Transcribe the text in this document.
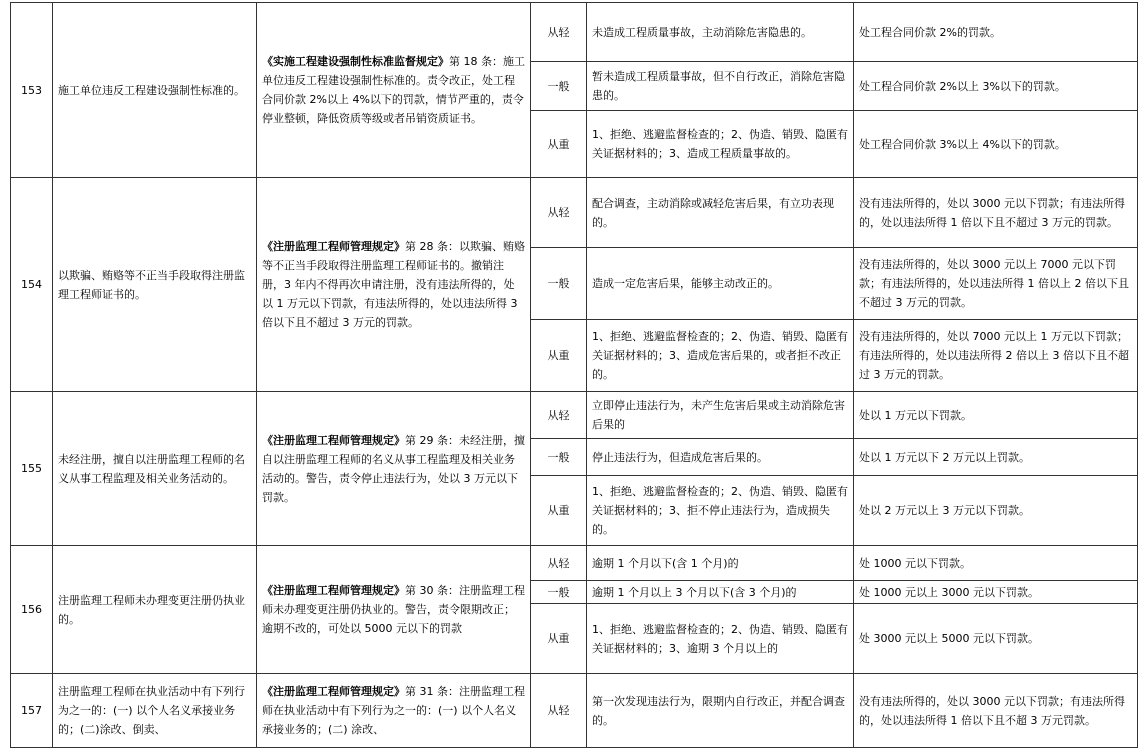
153	施工单位违反工程建设强制性标准的。	《实施工程建设强制性标准监督规定》第 18 条：施工单位违反工程建设强制性标准的。责令改正，处工程合同价款 2%以上 4%以下的罚款，情节严重的，责令停业整顿，降低资质等级或者吊销资质证书。	从轻	未造成工程质量事故，主动消除危害隐患的。	处工程合同价款 2%的罚款。
			一般	暂未造成工程质量事故，但不自行改正，消除危害隐患的。	处工程合同价款 2%以上 3%以下的罚款。
			从重	1、拒绝、逃避监督检查的；2、伪造、销毁、隐匿有关证据材料的；3、造成工程质量事故的。	处工程合同价款 3%以上 4%以下的罚款。
154	以欺骗、贿赂等不正当手段取得注册监理工程师证书的。	《注册监理工程师管理规定》第 28 条：以欺骗、贿赂等不正当手段取得注册监理工程师证书的。撤销注册，3 年内不得再次申请注册，没有违法所得的，处以 1 万元以下罚款，有违法所得的，处以违法所得 3 倍以下且不超过 3 万元的罚款。	从轻	配合调查，主动消除或减轻危害后果，有立功表现的。	没有违法所得的，处以 3000 元以下罚款；有违法所得的，处以违法所得 1 倍以下且不超过 3 万元的罚款。
			一般	造成一定危害后果，能够主动改正的。	没有违法所得的，处以 3000 元以上 7000 元以下罚款；有违法所得的，处以违法所得 1 倍以上 2 倍以下且不超过 3 万元的罚款。
			从重	1、拒绝、逃避监督检查的；2、伪造、销毁、隐匿有关证据材料的；3、造成危害后果的，或者拒不改正的。	没有违法所得的，处以 7000 元以上 1 万元以下罚款；有违法所得的，处以违法所得 2 倍以上 3 倍以下且不超过 3 万元的罚款。
155	未经注册，擅自以注册监理工程师的名义从事工程监理及相关业务活动的。	《注册监理工程师管理规定》第 29 条：未经注册，擅自以注册监理工程师的名义从事工程监理及相关业务活动的。警告，责令停止违法行为，处以 3 万元以下罚款。	从轻	立即停止违法行为，未产生危害后果或主动消除危害后果的	处以 1 万元以下罚款。
			一般	停止违法行为，但造成危害后果的。	处以 1 万元以下 2 万元以上罚款。
			从重	1、拒绝、逃避监督检查的；2、伪造、销毁、隐匿有关证据材料的；3、拒不停止违法行为，造成损失的。	处以 2 万元以上 3 万元以下罚款。
156	注册监理工程师未办理变更注册仍执业的。	《注册监理工程师管理规定》第 30 条：注册监理工程师未办理变更注册仍执业的。警告，责令限期改正；逾期不改的，可处以 5000 元以下的罚款	从轻	逾期 1 个月以下(含 1 个月)的	处 1000 元以下罚款。
			一般	逾期 1 个月以上 3 个月以下(含 3 个月)的	处 1000 元以上 3000 元以下罚款。
			从重	1、拒绝、逃避监督检查的；2、伪造、销毁、隐匿有关证据材料的；3、逾期 3 个月以上的	处 3000 元以上 5000 元以下罚款。
157	注册监理工程师在执业活动中有下列行为之一的：(一) 以个人名义承接业务的；(二)涂改、倒卖、	《注册监理工程师管理规定》第 31 条：注册监理工程师在执业活动中有下列行为之一的：(一) 以个人名义承接业务的；(二) 涂改、	从轻	第一次发现违法行为，限期内自行改正，并配合调查的。	没有违法所得的，处以 3000 元以下罚款；有违法所得的，处以违法所得 1 倍以下且不超 3 万元罚款。
